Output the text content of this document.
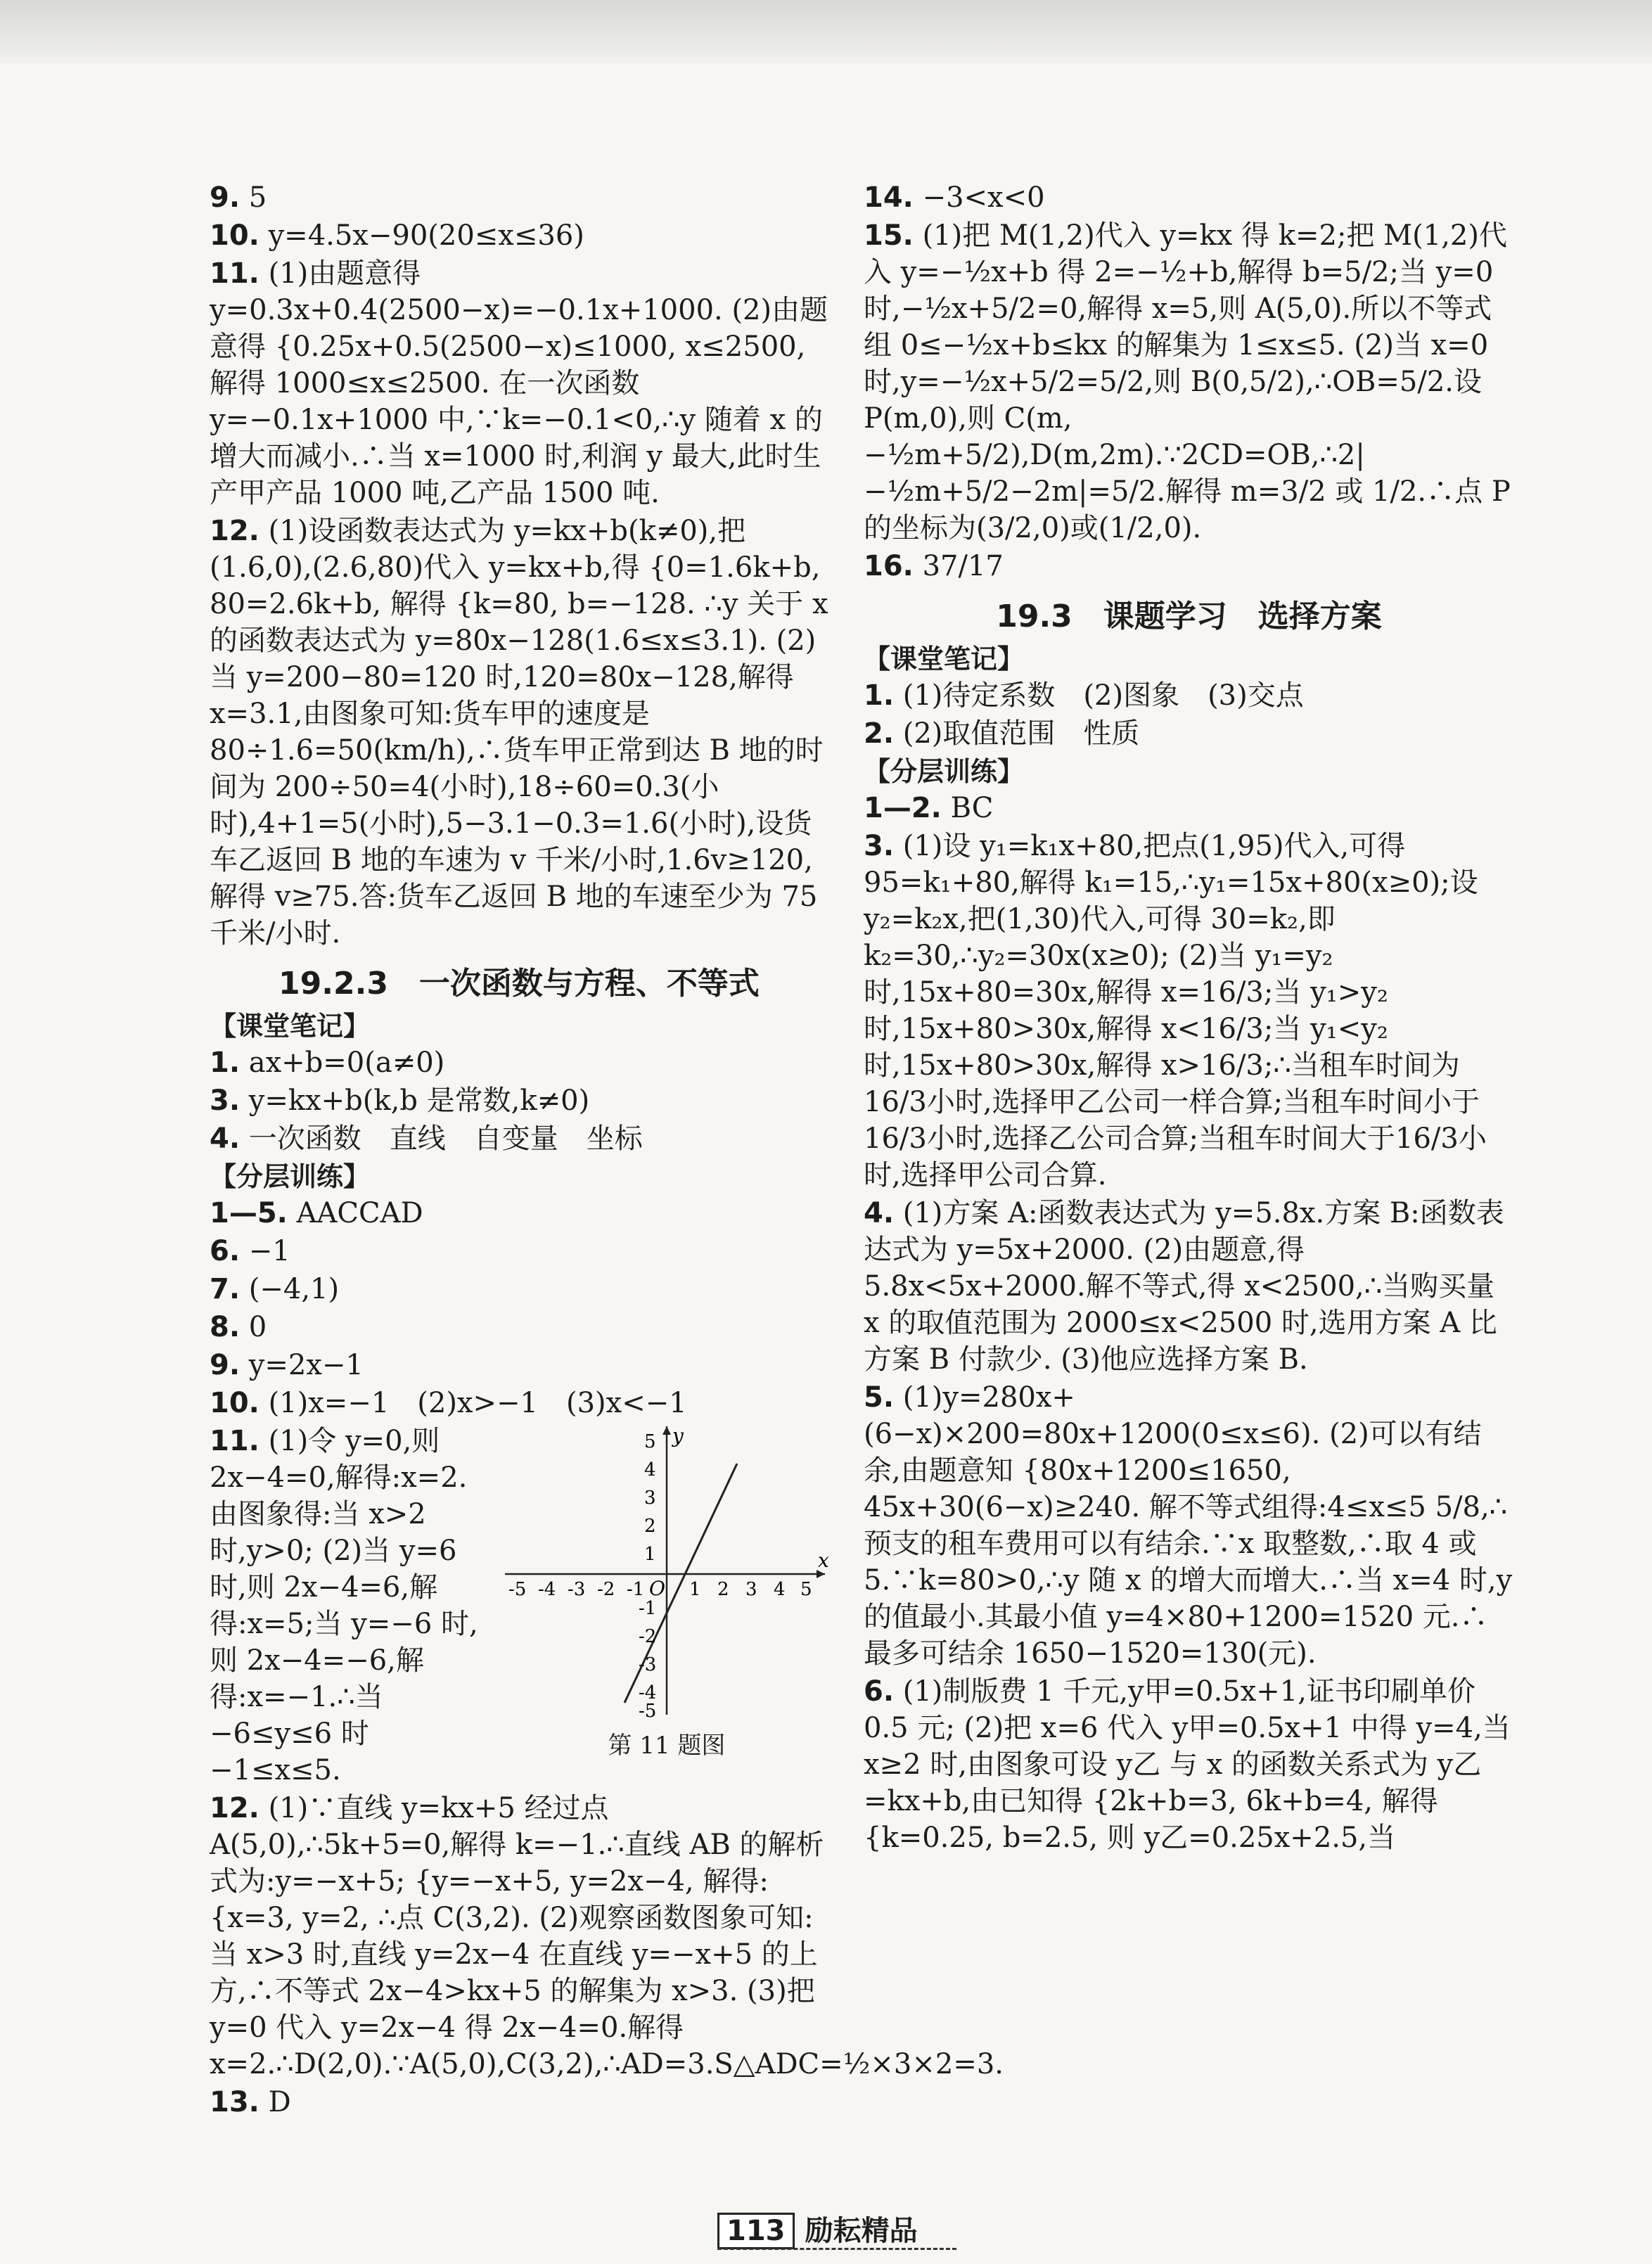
9. 5
10. y=4.5x−90(20≤x≤36)
11. (1)由题意得 y=0.3x+0.4(2500−x)=−0.1x+1000. (2)由题意得 {0.25x+0.5(2500−x)≤1000, x≤2500, 解得 1000≤x≤2500. 在一次函数 y=−0.1x+1000 中,∵k=−0.1<0,∴y 随着 x 的增大而减小.∴当 x=1000 时,利润 y 最大,此时生产甲产品 1000 吨,乙产品 1500 吨.
12. (1)设函数表达式为 y=kx+b(k≠0),把(1.6,0),(2.6,80)代入 y=kx+b,得 {0=1.6k+b, 80=2.6k+b, 解得 {k=80, b=−128. ∴y 关于 x 的函数表达式为 y=80x−128(1.6≤x≤3.1). (2)当 y=200−80=120 时,120=80x−128,解得 x=3.1,由图象可知:货车甲的速度是 80÷1.6=50(km/h),∴货车甲正常到达 B 地的时间为 200÷50=4(小时),18÷60=0.3(小时),4+1=5(小时),5−3.1−0.3=1.6(小时),设货车乙返回 B 地的车速为 v 千米/小时,1.6v≥120,解得 v≥75.答:货车乙返回 B 地的车速至少为 75 千米/小时.
19.2.3　一次函数与方程、不等式
【课堂笔记】
1. ax+b=0(a≠0)
3. y=kx+b(k,b 是常数,k≠0)
4. 一次函数　直线　自变量　坐标
【分层训练】
1—5. AACCAD
6. −1
7. (−4,1)
8. 0
9. y=2x−1
10. (1)x=−1　(2)x>−1　(3)x<−1
x
y
O
-5 -4 -3 -2 -1 1 2 3 4 5
5
4
3
2
1
-1
-2
-3
-4
-5
第 11 题图
11. (1)令 y=0,则 2x−4=0,解得:x=2.由图象得:当 x>2 时,y>0; (2)当 y=6 时,则 2x−4=6,解得:x=5;当 y=−6 时,则 2x−4=−6,解得:x=−1.∴当−6≤y≤6 时−1≤x≤5.
12. (1)∵直线 y=kx+5 经过点 A(5,0),∴5k+5=0,解得 k=−1.∴直线 AB 的解析式为:y=−x+5; {y=−x+5, y=2x−4, 解得: {x=3, y=2, ∴点 C(3,2). (2)观察函数图象可知:当 x>3 时,直线 y=2x−4 在直线 y=−x+5 的上方,∴不等式 2x−4>kx+5 的解集为 x>3. (3)把 y=0 代入 y=2x−4 得 2x−4=0.解得 x=2.∴D(2,0).∵A(5,0),C(3,2),∴AD=3.S△ADC=½×3×2=3.
13. D
14. −3<x<0
15. (1)把 M(1,2)代入 y=kx 得 k=2;把 M(1,2)代入 y=−½x+b 得 2=−½+b,解得 b=5/2;当 y=0 时,−½x+5/2=0,解得 x=5,则 A(5,0).所以不等式组 0≤−½x+b≤kx 的解集为 1≤x≤5. (2)当 x=0 时,y=−½x+5/2=5/2,则 B(0,5/2),∴OB=5/2.设 P(m,0),则 C(m,−½m+5/2),D(m,2m).∵2CD=OB,∴2|−½m+5/2−2m|=5/2.解得 m=3/2 或 1/2.∴点 P 的坐标为(3/2,0)或(1/2,0).
16. 37/17
19.3　课题学习　选择方案
【课堂笔记】
1. (1)待定系数　(2)图象　(3)交点
2. (2)取值范围　性质
【分层训练】
1—2. BC
3. (1)设 y₁=k₁x+80,把点(1,95)代入,可得 95=k₁+80,解得 k₁=15,∴y₁=15x+80(x≥0);设 y₂=k₂x,把(1,30)代入,可得 30=k₂,即 k₂=30,∴y₂=30x(x≥0); (2)当 y₁=y₂ 时,15x+80=30x,解得 x=16/3;当 y₁>y₂ 时,15x+80>30x,解得 x<16/3;当 y₁<y₂ 时,15x+80>30x,解得 x>16/3;∴当租车时间为16/3小时,选择甲乙公司一样合算;当租车时间小于16/3小时,选择乙公司合算;当租车时间大于16/3小时,选择甲公司合算.
4. (1)方案 A:函数表达式为 y=5.8x.方案 B:函数表达式为 y=5x+2000. (2)由题意,得 5.8x<5x+2000.解不等式,得 x<2500,∴当购买量 x 的取值范围为 2000≤x<2500 时,选用方案 A 比方案 B 付款少. (3)他应选择方案 B.
5. (1)y=280x+(6−x)×200=80x+1200(0≤x≤6). (2)可以有结余,由题意知 {80x+1200≤1650, 45x+30(6−x)≥240. 解不等式组得:4≤x≤5 5/8,∴预支的租车费用可以有结余.∵x 取整数,∴取 4 或 5.∵k=80>0,∴y 随 x 的增大而增大.∴当 x=4 时,y 的值最小.其最小值 y=4×80+1200=1520 元.∴最多可结余 1650−1520=130(元).
6. (1)制版费 1 千元,y甲=0.5x+1,证书印刷单价 0.5 元; (2)把 x=6 代入 y甲=0.5x+1 中得 y=4,当 x≥2 时,由图象可设 y乙 与 x 的函数关系式为 y乙=kx+b,由已知得 {2k+b=3, 6k+b=4, 解得 {k=0.25, b=2.5, 则 y乙=0.25x+2.5,当
113 励耘精品
